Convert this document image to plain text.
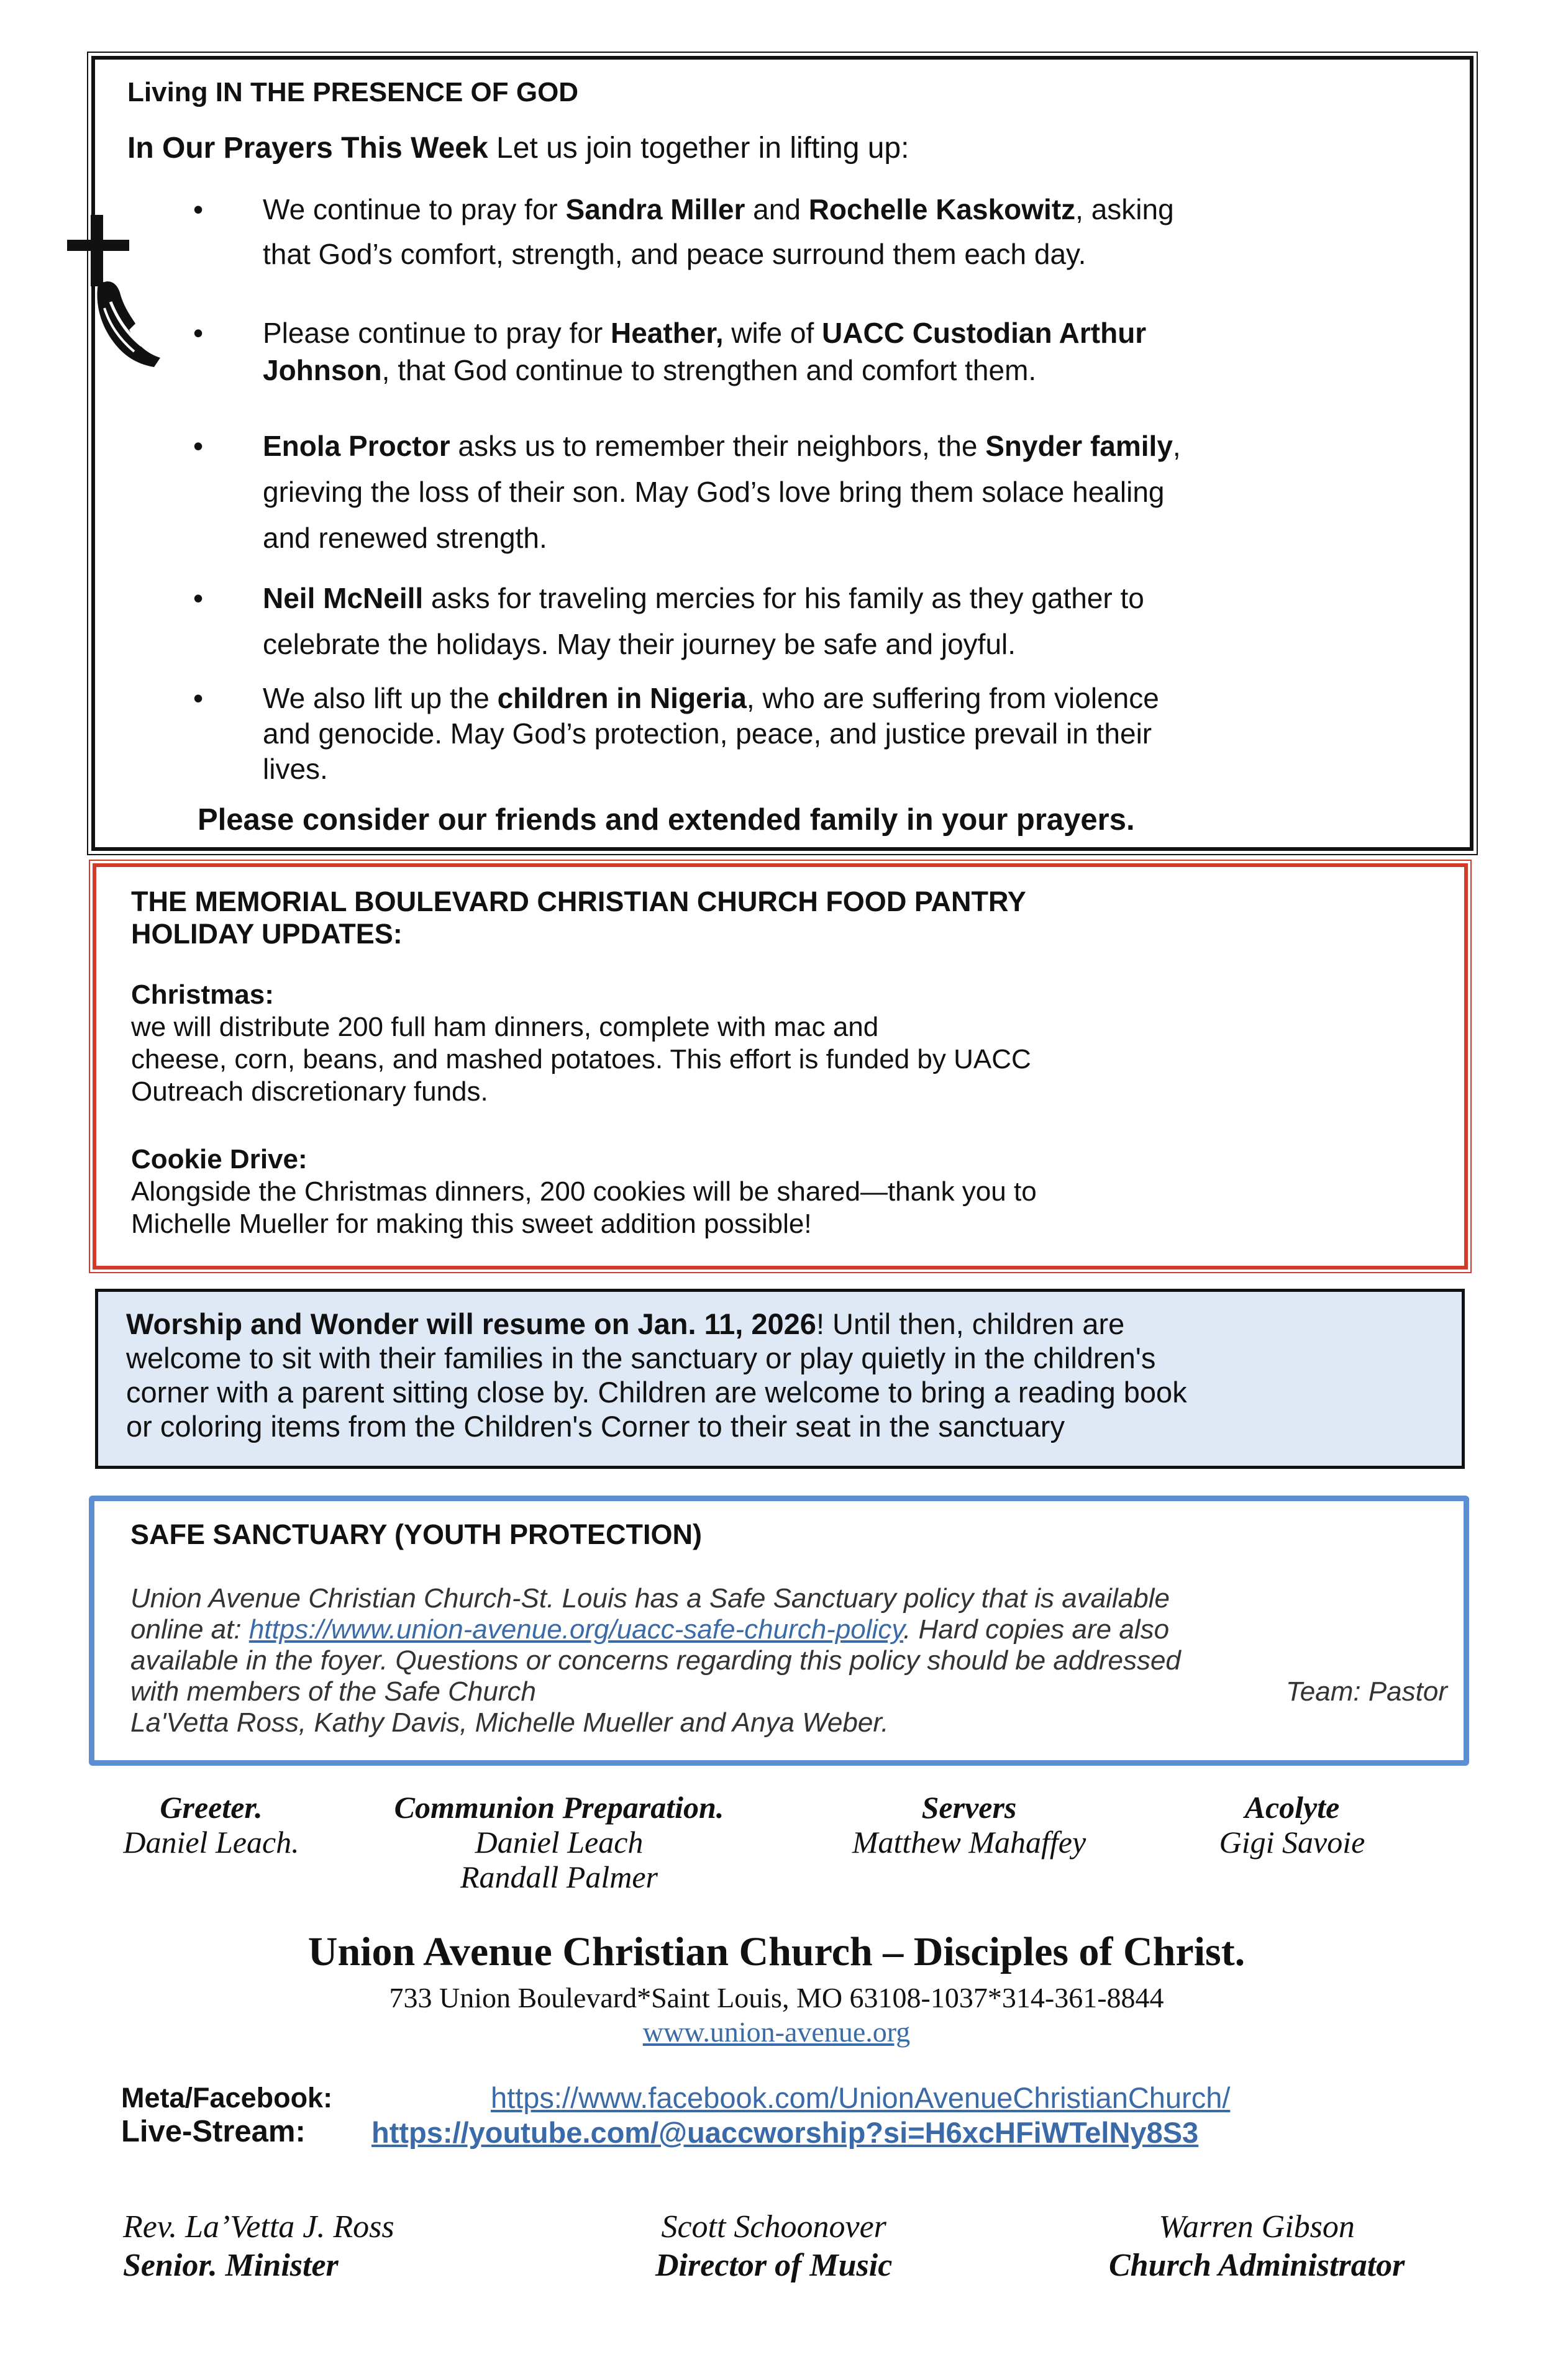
Living IN THE PRESENCE OF GOD
In Our Prayers This Week Let us join together in lifting up:
• We continue to pray for Sandra Miller and Rochelle Kaskowitz, asking
that God’s comfort, strength, and peace surround them each day.
• Please continue to pray for Heather, wife of UACC Custodian Arthur
Johnson, that God continue to strengthen and comfort them.
• Enola Proctor asks us to remember their neighbors, the Snyder family,
grieving the loss of their son. May God’s love bring them solace healing
and renewed strength.
• Neil McNeill asks for traveling mercies for his family as they gather to
celebrate the holidays. May their journey be safe and joyful.
• We also lift up the children in Nigeria, who are suffering from violence
and genocide. May God’s protection, peace, and justice prevail in their
lives.
Please consider our friends and extended family in your prayers.
THE MEMORIAL BOULEVARD CHRISTIAN CHURCH FOOD PANTRY
HOLIDAY UPDATES:
Christmas:
we will distribute 200 full ham dinners, complete with mac and
cheese, corn, beans, and mashed potatoes. This effort is funded by UACC
Outreach discretionary funds.
Cookie Drive:
Alongside the Christmas dinners, 200 cookies will be shared—thank you to
Michelle Mueller for making this sweet addition possible!
Worship and Wonder will resume on Jan. 11, 2026! Until then, children are
welcome to sit with their families in the sanctuary or play quietly in the children's
corner with a parent sitting close by. Children are welcome to bring a reading book
or coloring items from the Children's Corner to their seat in the sanctuary
SAFE SANCTUARY (YOUTH PROTECTION)
Union Avenue Christian Church-St. Louis has a Safe Sanctuary policy that is available
online at: https://www.union-avenue.org/uacc-safe-church-policy. Hard copies are also
available in the foyer. Questions or concerns regarding this policy should be addressed
with members of the Safe Church	Team: Pastor

La'Vetta Ross, Kathy Davis, Michelle Mueller and Anya Weber.
Greeter.
Daniel Leach.
Communion Preparation.
Daniel Leach
Randall Palmer
Servers
Matthew Mahaffey
Acolyte
Gigi Savoie
Union Avenue Christian Church – Disciples of Christ.
733 Union Boulevard*Saint Louis, MO 63108-1037*314-361-8844
www.union-avenue.org
Meta/Facebook:	https://www.facebook.com/UnionAvenueChristianChurch/
Live-Stream: https://youtube.com/@uaccworship?si=H6xcHFiWTelNy8S3
Rev. La’Vetta J. Ross
Senior. Minister
Scott Schoonover
Director of Music
Warren Gibson
Church Administrator
